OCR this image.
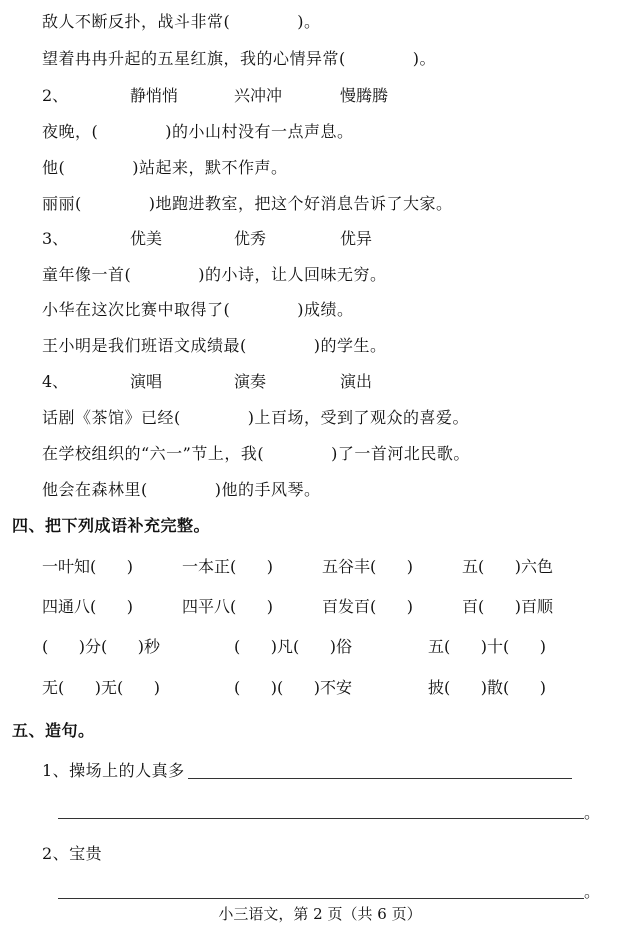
敌人不断反扑，战斗非常(            )。
望着冉冉升起的五星红旗，我的心情异常(            )。
2、	静悄悄	兴冲冲	慢腾腾
夜晚，(            )的小山村没有一点声息。
他(            )站起来，默不作声。
丽丽(            )地跑进教室，把这个好消息告诉了大家。
3、	优美	优秀	优异
童年像一首(            )的小诗，让人回味无穷。
小华在这次比赛中取得了(            )成绩。
王小明是我们班语文成绩最(            )的学生。
4、	演唱	演奏	演出
话剧《茶馆》已经(            )上百场，受到了观众的喜爱。
在学校组织的“六一”节上，我(            )了一首河北民歌。
他会在森林里(            )他的手风琴。
四、把下列成语补充完整。
一叶知(      )	一本正(      )	五谷丰(      )	五(      )六色
四通八(      )	四平八(      )	百发百(      )	百(      )百顺
(      )分(      )秒	(      )凡(      )俗	五(      )十(      )
无(      )无(      )	(      )(      )不安	披(      )散(      )
五、造句。
1、操场上的人真多
。
2、宝贵
。
小三语文，第 2 页（共 6 页）
